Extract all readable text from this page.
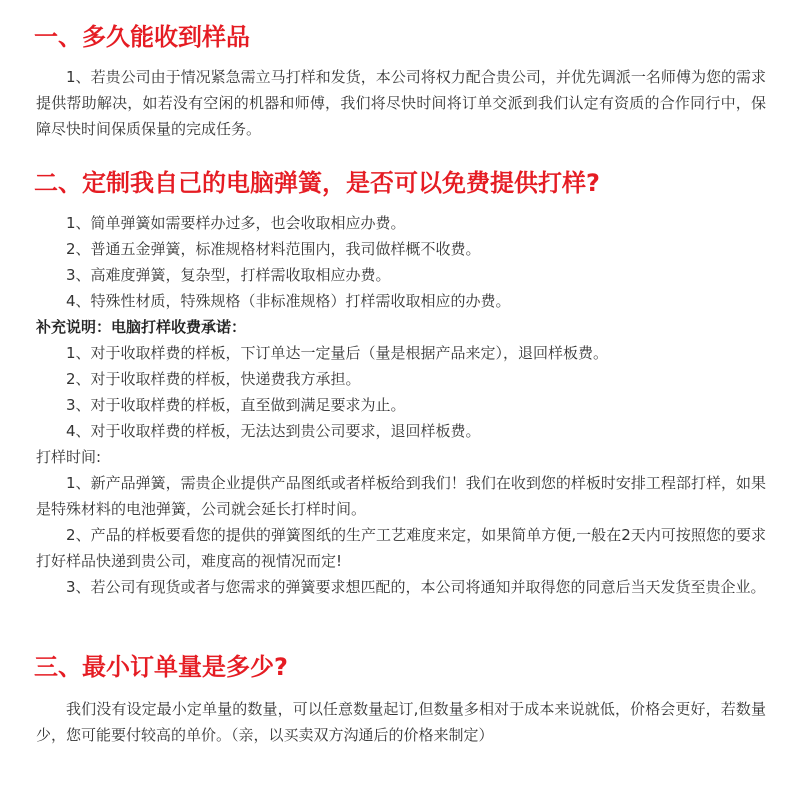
一、多久能收到样品

1、若贵公司由于情况紧急需立马打样和发货，本公司将权力配合贵公司，并优先调派一名师傅为您的需求提供帮助解决，如若没有空闲的机器和师傅，我们将尽快时间将订单交派到我们认定有资质的合作同行中，保障尽快时间保质保量的完成任务。

二、定制我自己的电脑弹簧，是否可以免费提供打样?

1、简单弹簧如需要样办过多，也会收取相应办费。

2、普通五金弹簧，标准规格材料范围内，我司做样概不收费。

3、高难度弹簧，复杂型，打样需收取相应办费。

4、特殊性材质，特殊规格（非标准规格）打样需收取相应的办费。

补充说明：电脑打样收费承诺：

1、对于收取样费的样板，下订单达一定量后（量是根据产品来定），退回样板费。

2、对于收取样费的样板，快递费我方承担。

3、对于收取样费的样板，直至做到满足要求为止。

4、对于收取样费的样板，无法达到贵公司要求，退回样板费。

打样时间:

1、新产品弹簧，需贵企业提供产品图纸或者样板给到我们！我们在收到您的样板时安排工程部打样，如果是特殊材料的电池弹簧，公司就会延长打样时间。

2、产品的样板要看您的提供的弹簧图纸的生产工艺难度来定，如果简单方便,一般在2天内可按照您的要求打好样品快递到贵公司，难度高的视情况而定!

3、若公司有现货或者与您需求的弹簧要求想匹配的，本公司将通知并取得您的同意后当天发货至贵企业。

三、最小订单量是多少?

我们没有设定最小定单量的数量，可以任意数量起订,但数量多相对于成本来说就低，价格会更好，若数量少，您可能要付较高的单价。（亲，以买卖双方沟通后的价格来制定）
